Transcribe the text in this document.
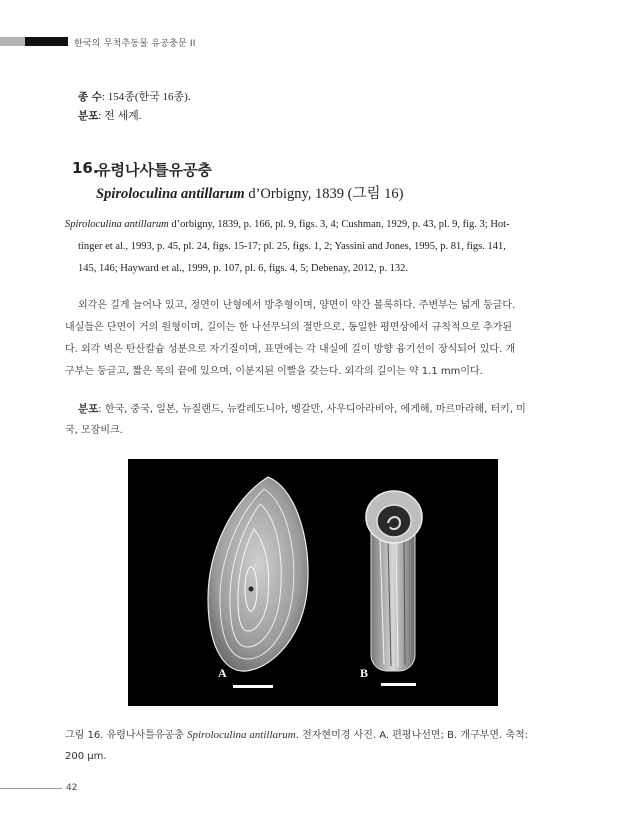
한국의 무척추동물 유공충문 II
종 수: 154종(한국 16종).
분포: 전 세계.
16.
유령나사틀유공충
Spiroloculina antillarum d’Orbigny, 1839 (그림 16)
Spiroloculina antillarum d’orbigny, 1839, p. 166, pl. 9, figs. 3, 4; Cushman, 1929, p. 43, pl. 9, fig. 3; Hot-
tinger et al., 1993, p. 45, pl. 24, figs. 15-17; pl. 25, figs. 1, 2; Yassini and Jones, 1995, p. 81, figs. 141,
145, 146; Hayward et al., 1999, p. 107, pl. 6, figs. 4, 5; Debenay, 2012, p. 132.
외각은 길게 늘어나 있고, 정면이 난형에서 방추형이며, 양면이 약간 볼록하다. 주변부는 넓게 둥글다.
내실들은 단면이 거의 원형이며, 길이는 한 나선무늬의 절반으로, 동일한 평면상에서 규칙적으로 추가된
다. 외각 벽은 탄산칼슘 성분으로 자기질이며, 표면에는 각 내실에 길이 방향 융기선이 장식되어 있다. 개
구부는 둥글고, 짧은 목의 끝에 있으며, 이분지된 이빨을 갖는다. 외각의 길이는 약 1.1 mm이다.
분포: 한국, 중국, 일본, 뉴질랜드, 뉴칼레도니아, 벵갈만, 사우디아라비아, 에게해, 마르마라해, 터키, 미
국, 모잠비크.
A	B
그림 16. 유령나사틀유공충 Spiroloculina antillarum. 전자현미경 사진. A. 편평나선면; B. 개구부면. 축척:
200 μm.
42
